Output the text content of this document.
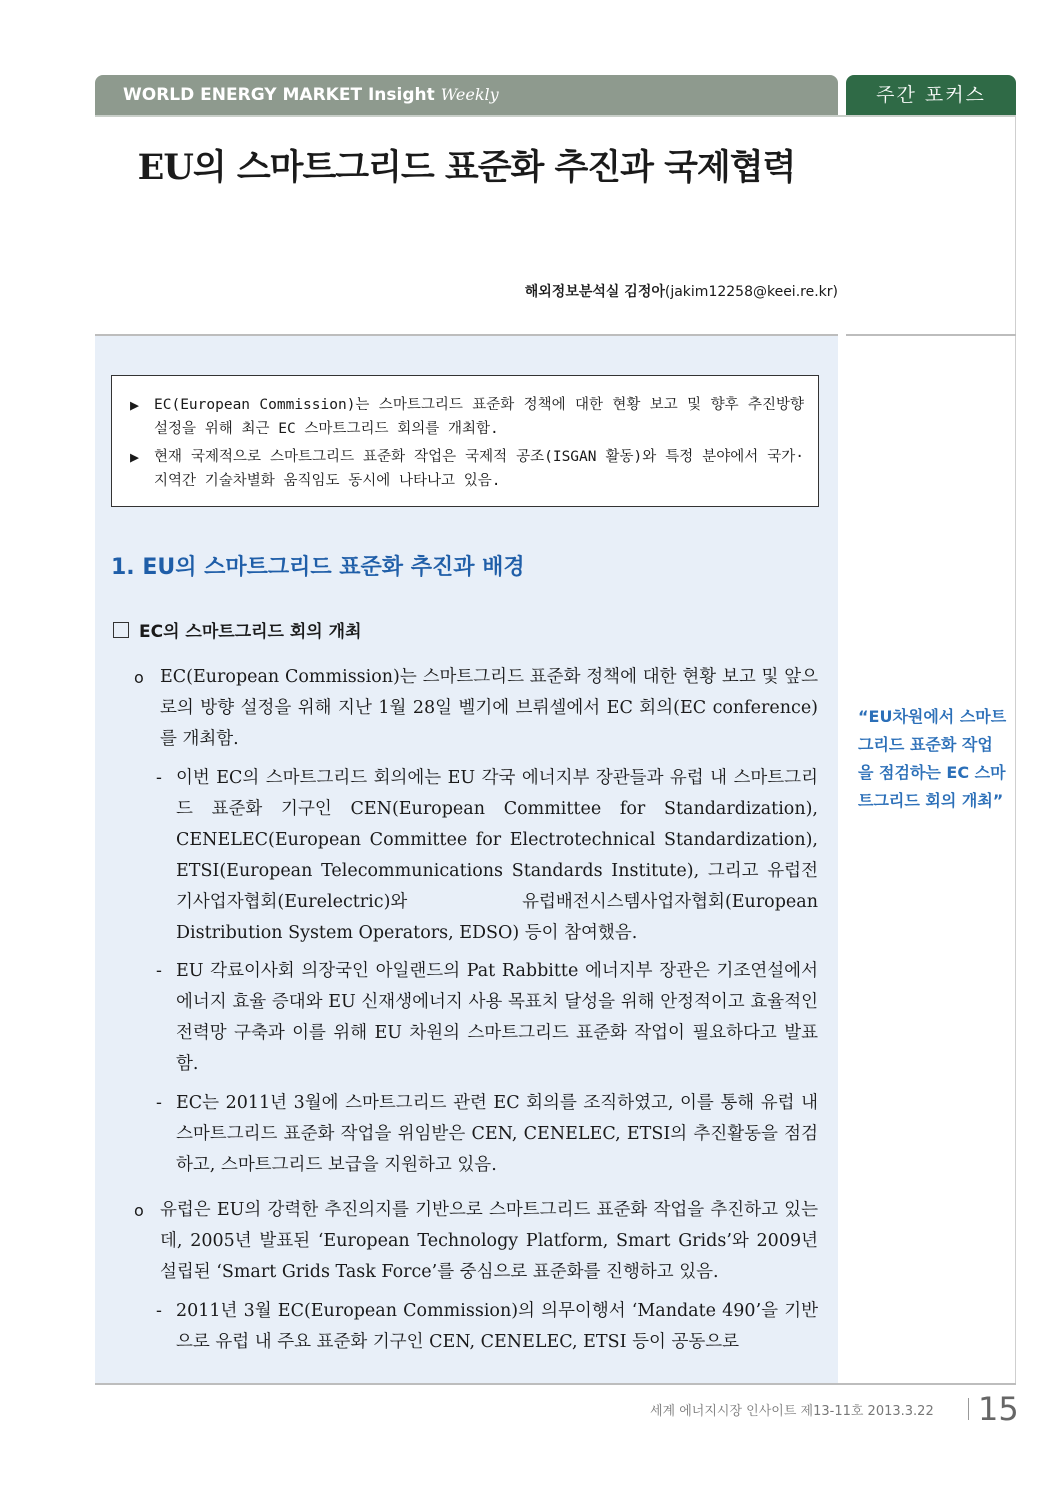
WORLD ENERGY MARKET Insight Weekly	주간 포커스
EU의 스마트그리드 표준화 추진과 국제협력
해외정보분석실 김정아(jakim12258@keei.re.kr)
▶ EC(European Commission)는 스마트그리드 표준화 정책에 대한 현황 보고 및 향후 추진방향 설정을 위해 최근 EC 스마트그리드 회의를 개최함.
▶ 현재 국제적으로 스마트그리드 표준화 작업은 국제적 공조(ISGAN 활동)와 특정 분야에서 국가·지역간 기술차별화 움직임도 동시에 나타나고 있음.
1. EU의 스마트그리드 표준화 추진과 배경
EC의 스마트그리드 회의 개최
o EC(European Commission)는 스마트그리드 표준화 정책에 대한 현황 보고 및 앞으로의 방향 설정을 위해 지난 1월 28일 벨기에 브뤼셀에서 EC 회의(EC conference)를 개최함.
- 이번 EC의 스마트그리드 회의에는 EU 각국 에너지부 장관들과 유럽 내 스마트그리드 표준화 기구인 CEN(European Committee for Standardization), CENELEC(European Committee for Electrotechnical Standardization), ETSI(European Telecommunications Standards Institute), 그리고 유럽전기사업자협회(Eurelectric)와 유럽배전시스템사업자협회(European Distribution System Operators, EDSO) 등이 참여했음.
- EU 각료이사회 의장국인 아일랜드의 Pat Rabbitte 에너지부 장관은 기조연설에서 에너지 효율 증대와 EU 신재생에너지 사용 목표치 달성을 위해 안정적이고 효율적인 전력망 구축과 이를 위해 EU 차원의 스마트그리드 표준화 작업이 필요하다고 발표함.
- EC는 2011년 3월에 스마트그리드 관련 EC 회의를 조직하였고, 이를 통해 유럽 내 스마트그리드 표준화 작업을 위임받은 CEN, CENELEC, ETSI의 추진활동을 점검하고, 스마트그리드 보급을 지원하고 있음.
o 유럽은 EU의 강력한 추진의지를 기반으로 스마트그리드 표준화 작업을 추진하고 있는데, 2005년 발표된 ‘European Technology Platform, Smart Grids’와 2009년 설립된 ‘Smart Grids Task Force’를 중심으로 표준화를 진행하고 있음.
- 2011년 3월 EC(European Commission)의 의무이행서 ‘Mandate 490’을 기반으로 유럽 내 주요 표준화 기구인 CEN, CENELEC, ETSI 등이 공동으로
“EU차원에서 스마트그리드 표준화 작업을 점검하는 EC 스마트그리드 회의 개최”
세계 에너지시장 인사이트 제13-11호 2013.3.22 15
